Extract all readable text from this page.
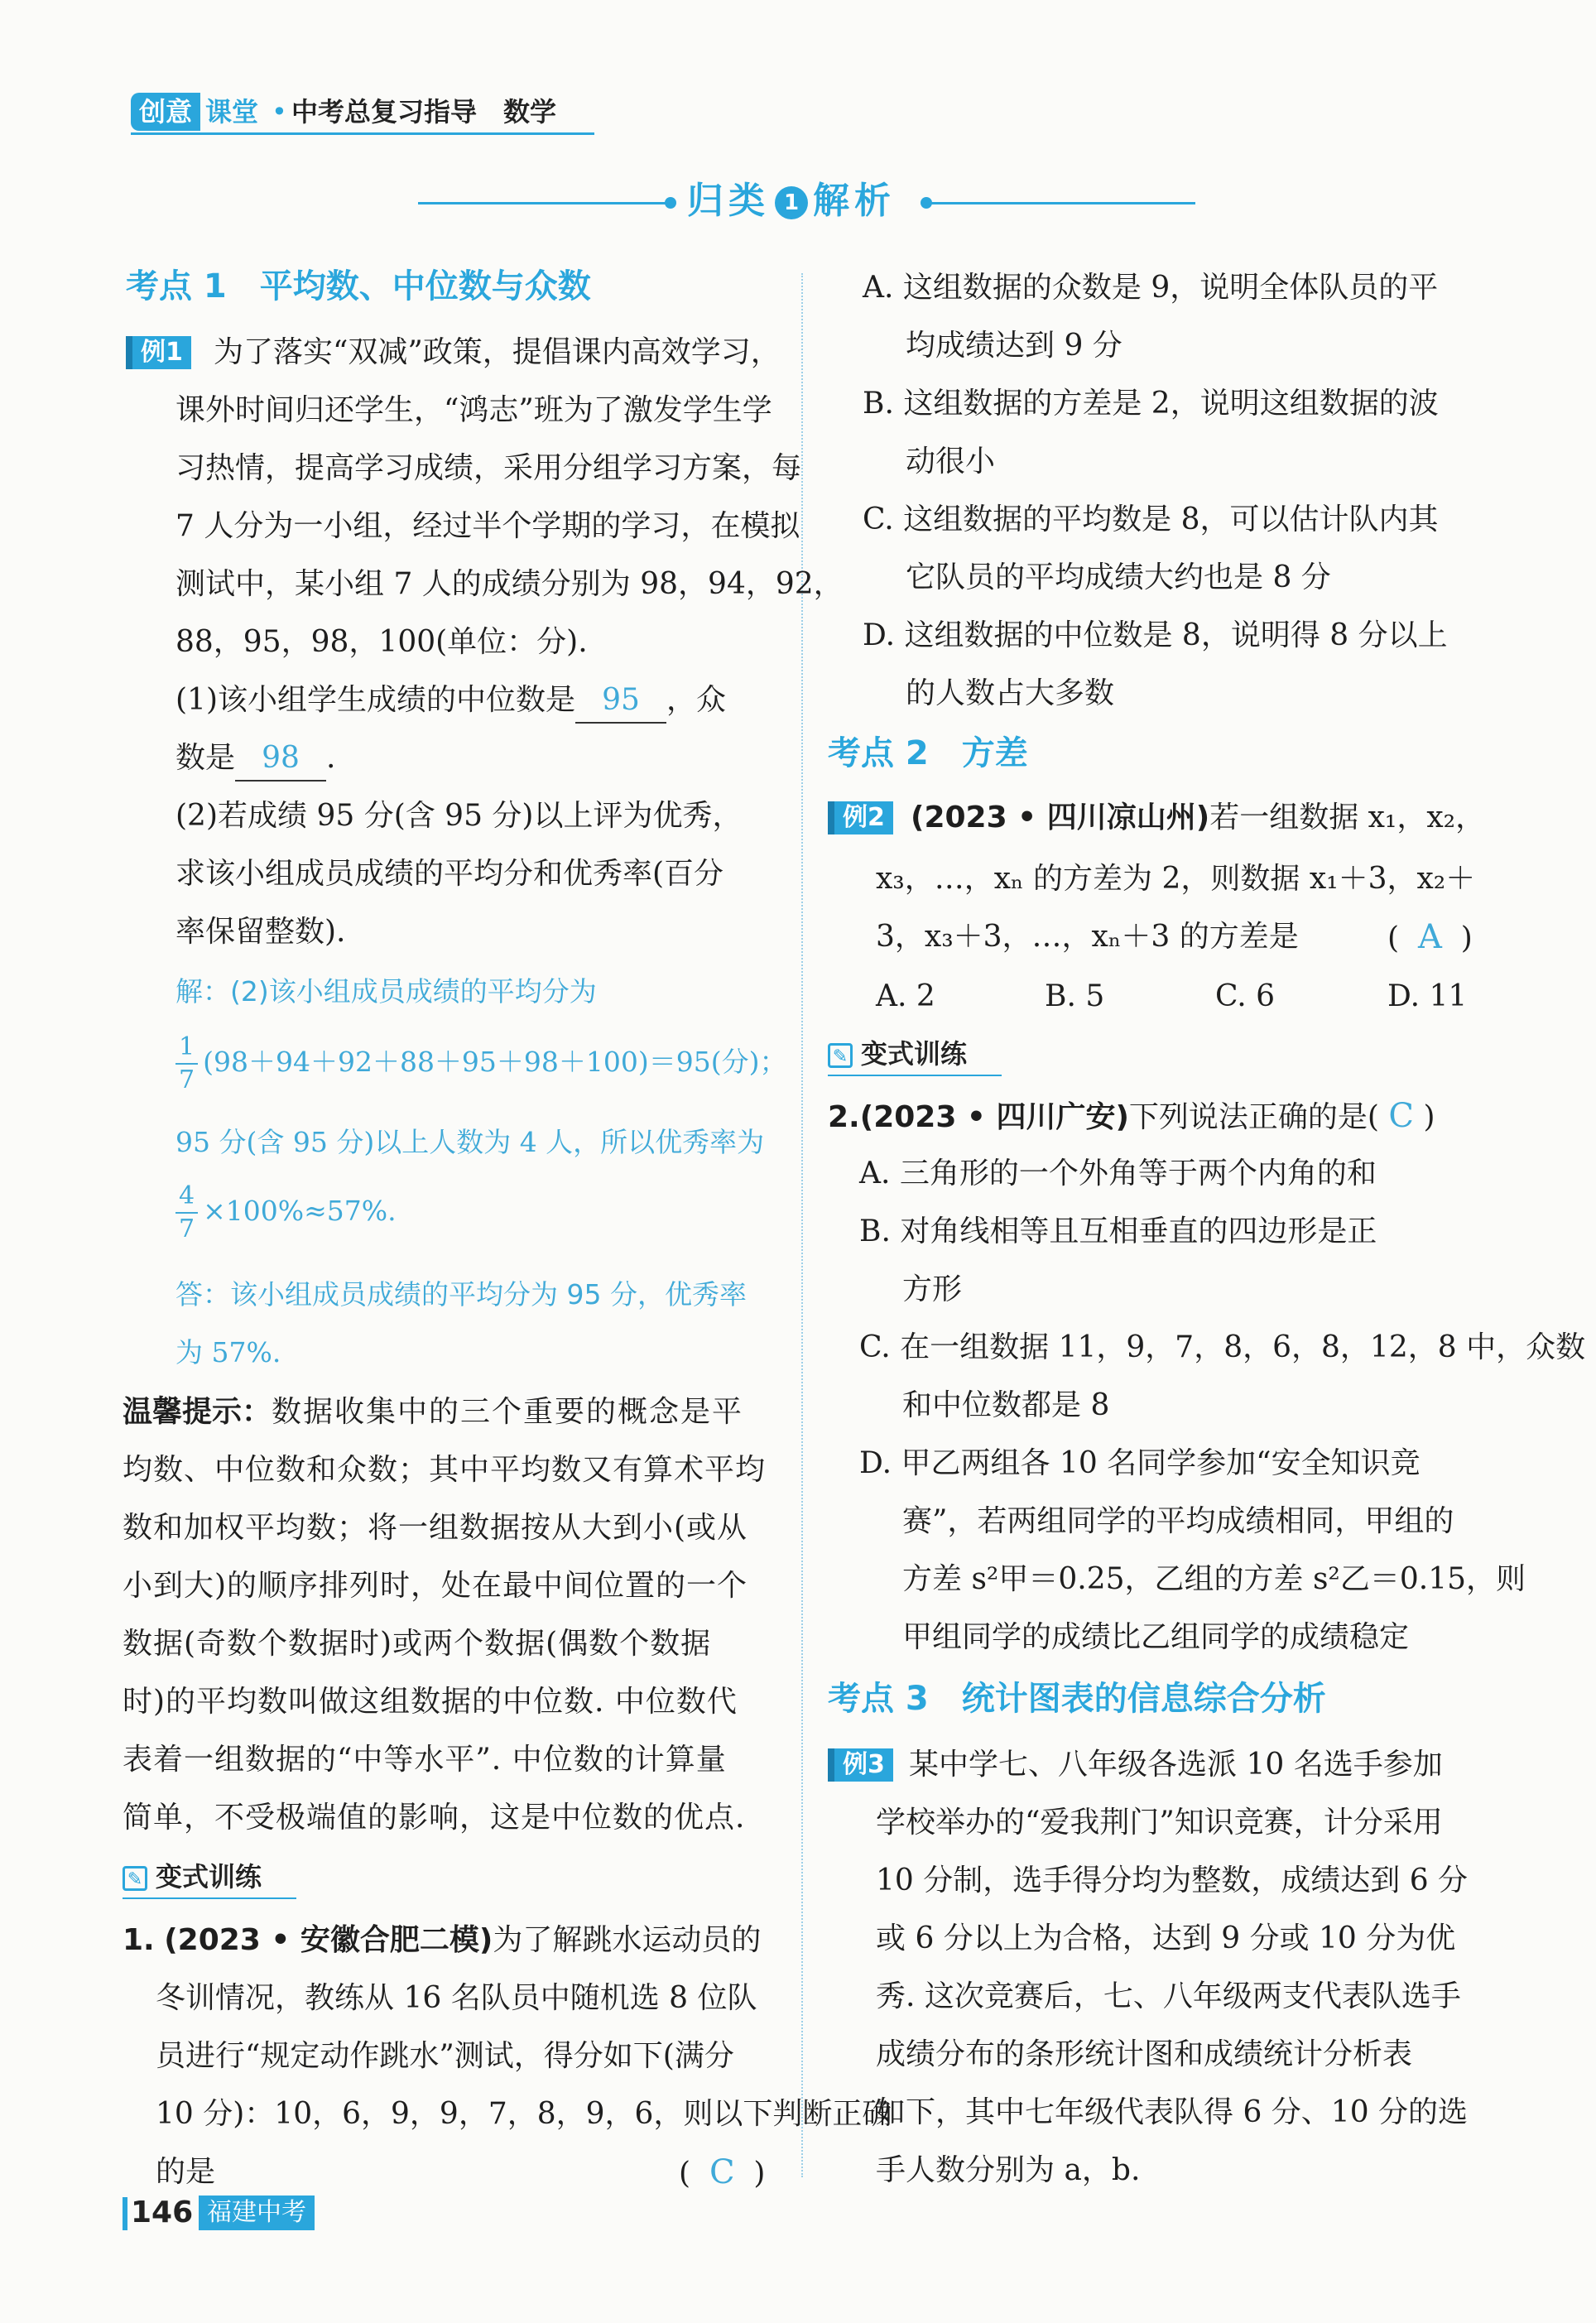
创意 课堂 • 中考总复习指导　数学
归类 1 解析
考点 1　平均数、中位数与众数
例1 为了落实“双减”政策，提倡课内高效学习，
课外时间归还学生，“鸿志”班为了激发学生学
习热情，提高学习成绩，采用分组学习方案，每
7 人分为一小组，经过半个学期的学习，在模拟
测试中，某小组 7 人的成绩分别为 98，94，92，
88，95，98，100(单位：分).
(1)该小组学生成绩的中位数是 95 ，众
数是 98 .
(2)若成绩 95 分(含 95 分)以上评为优秀，
求该小组成员成绩的平均分和优秀率(百分
率保留整数).
解：(2)该小组成员成绩的平均分为
$\frac{1}{7} (98+94+92+88+95+98+100)=95$(分)；
95 分(含 95 分)以上人数为 4 人，所以优秀率为
$\frac{4}{7} \times 100\%\approx 57\%$.
答：该小组成员成绩的平均分为 95 分，优秀率
为 57%.
温馨提示：数据收集中的三个重要的概念是平
均数、中位数和众数；其中平均数又有算术平均
数和加权平均数；将一组数据按从大到小(或从
小到大)的顺序排列时，处在最中间位置的一个
数据(奇数个数据时)或两个数据(偶数个数据
时)的平均数叫做这组数据的中位数. 中位数代
表着一组数据的“中等水平”. 中位数的计算量
简单，不受极端值的影响，这是中位数的优点.
✎ 变式训练
1. (2023 • 安徽合肥二模)为了解跳水运动员的
冬训情况，教练从 16 名队员中随机选 8 位队
员进行“规定动作跳水”测试，得分如下(满分
10 分)：10，6，9，9，7，8，9，6，则以下判断正确
的是	(  C  )
146 福建中考
A. 这组数据的众数是 9，说明全体队员的平
均成绩达到 9 分
B. 这组数据的方差是 2，说明这组数据的波
动很小
C. 这组数据的平均数是 8，可以估计队内其
它队员的平均成绩大约也是 8 分
D. 这组数据的中位数是 8，说明得 8 分以上
的人数占大多数
考点 2　方差
例2 (2023 • 四川凉山州)若一组数据 x₁，x₂，
x₃，…，xₙ 的方差为 2，则数据 x₁＋3，x₂＋
3，x₃＋3，…，xₙ＋3 的方差是	(  A  )
A. 2	B. 5	C. 6	D. 11
✎ 变式训练
2.(2023 • 四川广安)下列说法正确的是( C )
A. 三角形的一个外角等于两个内角的和
B. 对角线相等且互相垂直的四边形是正
方形
C. 在一组数据 11，9，7，8，6，8，12，8 中，众数
和中位数都是 8
D. 甲乙两组各 10 名同学参加“安全知识竞
赛”，若两组同学的平均成绩相同，甲组的
方差 s²甲＝0.25，乙组的方差 s²乙＝0.15，则
甲组同学的成绩比乙组同学的成绩稳定
考点 3　统计图表的信息综合分析
例3 某中学七、八年级各选派 10 名选手参加
学校举办的“爱我荆门”知识竞赛，计分采用
10 分制，选手得分均为整数，成绩达到 6 分
或 6 分以上为合格，达到 9 分或 10 分为优
秀. 这次竞赛后，七、八年级两支代表队选手
成绩分布的条形统计图和成绩统计分析表
如下，其中七年级代表队得 6 分、10 分的选
手人数分别为 a，b.
